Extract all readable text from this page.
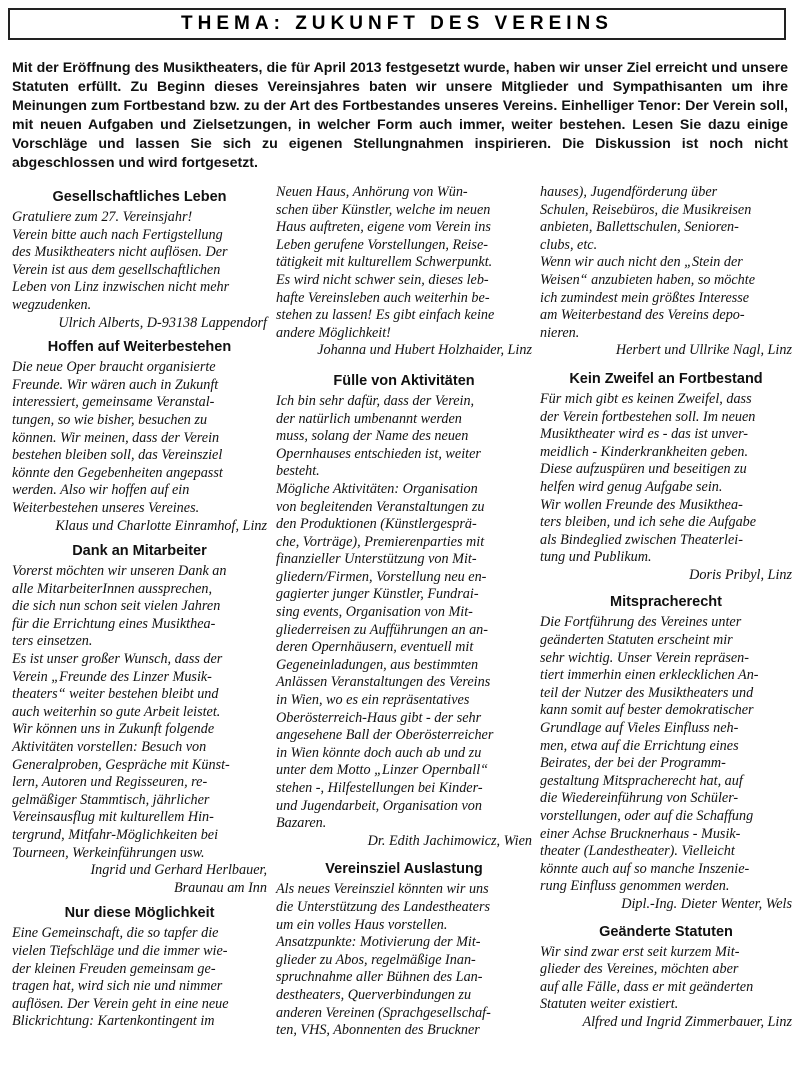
THEMA: ZUKUNFT DES VEREINS

Mit der Eröffnung des Musiktheaters, die für April 2013 festgesetzt wurde, haben wir unser Ziel erreicht und unsere Statuten erfüllt. Zu Beginn dieses Vereinsjahres baten wir unsere Mitglieder und Sympathisanten um ihre Meinungen zum Fortbestand bzw. zu der Art des Fortbestandes unseres Vereins. Einhelliger Tenor: Der Verein soll, mit neuen Aufgaben und Zielsetzungen, in welcher Form auch immer, weiter bestehen. Lesen Sie dazu einige Vorschläge und lassen Sie sich zu eigenen Stellungnahmen inspirieren. Die Diskussion ist noch nicht abgeschlossen und wird fortgesetzt.

Gesellschaftliches Leben
Gratuliere zum 27. Vereinsjahr!
Verein bitte auch nach Fertigstellung
des Musiktheaters nicht auflösen. Der
Verein ist aus dem gesellschaftlichen
Leben von Linz inzwischen nicht mehr
wegzudenken.
Ulrich Alberts, D-93138 Lappendorf
Hoffen auf Weiterbestehen
Die neue Oper braucht organisierte
Freunde. Wir wären auch in Zukunft
interessiert, gemeinsame Veranstal-
tungen, so wie bisher, besuchen zu
können. Wir meinen, dass der Verein
bestehen bleiben soll, das Vereinsziel
könnte den Gegebenheiten angepasst
werden. Also wir hoffen auf ein
Weiterbestehen unseres Vereines.
Klaus und Charlotte Einramhof, Linz
Dank an Mitarbeiter
Vorerst möchten wir unseren Dank an
alle MitarbeiterInnen aussprechen,
die sich nun schon seit vielen Jahren
für die Errichtung eines Musikthea-
ters einsetzen.
Es ist unser großer Wunsch, dass der
Verein „Freunde des Linzer Musik-
theaters“ weiter bestehen bleibt und
auch weiterhin so gute Arbeit leistet.
Wir können uns in Zukunft folgende
Aktivitäten vorstellen: Besuch von
Generalproben, Gespräche mit Künst-
lern, Autoren und Regisseuren, re-
gelmäßiger Stammtisch, jährlicher
Vereinsausflug mit kulturellem Hin-
tergrund, Mitfahr-Möglichkeiten bei
Tourneen, Werkeinführungen usw.
Ingrid und Gerhard Herlbauer,
Braunau am Inn
Nur diese Möglichkeit
Eine Gemeinschaft, die so tapfer die
vielen Tiefschläge und die immer wie-
der kleinen Freuden gemeinsam ge-
tragen hat, wird sich nie und nimmer
auflösen. Der Verein geht in eine neue
Blickrichtung: Kartenkontingent im
Neuen Haus, Anhörung von Wün-
schen über Künstler, welche im neuen
Haus auftreten, eigene vom Verein ins
Leben gerufene Vorstellungen, Reise-
tätigkeit mit kulturellem Schwerpunkt.
Es wird nicht schwer sein, dieses leb-
hafte Vereinsleben auch weiterhin be-
stehen zu lassen! Es gibt einfach keine
andere Möglichkeit!
Johanna und Hubert Holzhaider, Linz
Fülle von Aktivitäten
Ich bin sehr dafür, dass der Verein,
der natürlich umbenannt werden
muss, solang der Name des neuen
Opernhauses entschieden ist, weiter
besteht.
Mögliche Aktivitäten: Organisation
von begleitenden Veranstaltungen zu
den Produktionen (Künstlergesprä-
che, Vorträge), Premierenparties mit
finanzieller Unterstützung von Mit-
gliedern/Firmen, Vorstellung neu en-
gagierter junger Künstler, Fundrai-
sing events, Organisation von Mit-
gliederreisen zu Aufführungen an an-
deren Opernhäusern, eventuell mit
Gegeneinladungen, aus bestimmten
Anlässen Veranstaltungen des Vereins
in Wien, wo es ein repräsentatives
Oberösterreich-Haus gibt - der sehr
angesehene Ball der Oberösterreicher
in Wien könnte doch auch ab und zu
unter dem Motto „Linzer Opernball“
stehen -, Hilfestellungen bei Kinder-
und Jugendarbeit, Organisation von
Bazaren.
Dr. Edith Jachimowicz, Wien
Vereinsziel Auslastung
Als neues Vereinsziel könnten wir uns
die Unterstützung des Landestheaters
um ein volles Haus vorstellen.
Ansatzpunkte: Motivierung der Mit-
glieder zu Abos, regelmäßige Inan-
spruchnahme aller Bühnen des Lan-
destheaters, Querverbindungen zu
anderen Vereinen (Sprachgesellschaf-
ten, VHS, Abonnenten des Bruckner
hauses), Jugendförderung über
Schulen, Reisebüros, die Musikreisen
anbieten, Ballettschulen, Senioren-
clubs, etc.
Wenn wir auch nicht den „Stein der
Weisen“ anzubieten haben, so möchte
ich zumindest mein größtes Interesse
am Weiterbestand des Vereins depo-
nieren.
Herbert und Ullrike Nagl, Linz
Kein Zweifel an Fortbestand
Für mich gibt es keinen Zweifel, dass
der Verein fortbestehen soll. Im neuen
Musiktheater wird es - das ist unver-
meidlich - Kinderkrankheiten geben.
Diese aufzuspüren und beseitigen zu
helfen wird genug Aufgabe sein.
Wir wollen Freunde des Musikthea-
ters bleiben, und ich sehe die Aufgabe
als Bindeglied zwischen Theaterlei-
tung und Publikum.
Doris Pribyl, Linz
Mitspracherecht
Die Fortführung des Vereines unter
geänderten Statuten erscheint mir
sehr wichtig. Unser Verein repräsen-
tiert immerhin einen erklecklichen An-
teil der Nutzer des Musiktheaters und
kann somit auf bester demokratischer
Grundlage auf Vieles Einfluss neh-
men, etwa auf die Errichtung eines
Beirates, der bei der Programm-
gestaltung Mitspracherecht hat, auf
die Wiedereinführung von Schüler-
vorstellungen, oder auf die Schaffung
einer Achse Brucknerhaus - Musik-
theater (Landestheater). Vielleicht
könnte auch auf so manche Inszenie-
rung Einfluss genommen werden.
Dipl.-Ing. Dieter Wenter, Wels
Geänderte Statuten
Wir sind zwar erst seit kurzem Mit-
glieder des Vereines, möchten aber
auf alle Fälle, dass er mit geänderten
Statuten weiter existiert.
Alfred und Ingrid Zimmerbauer, Linz
